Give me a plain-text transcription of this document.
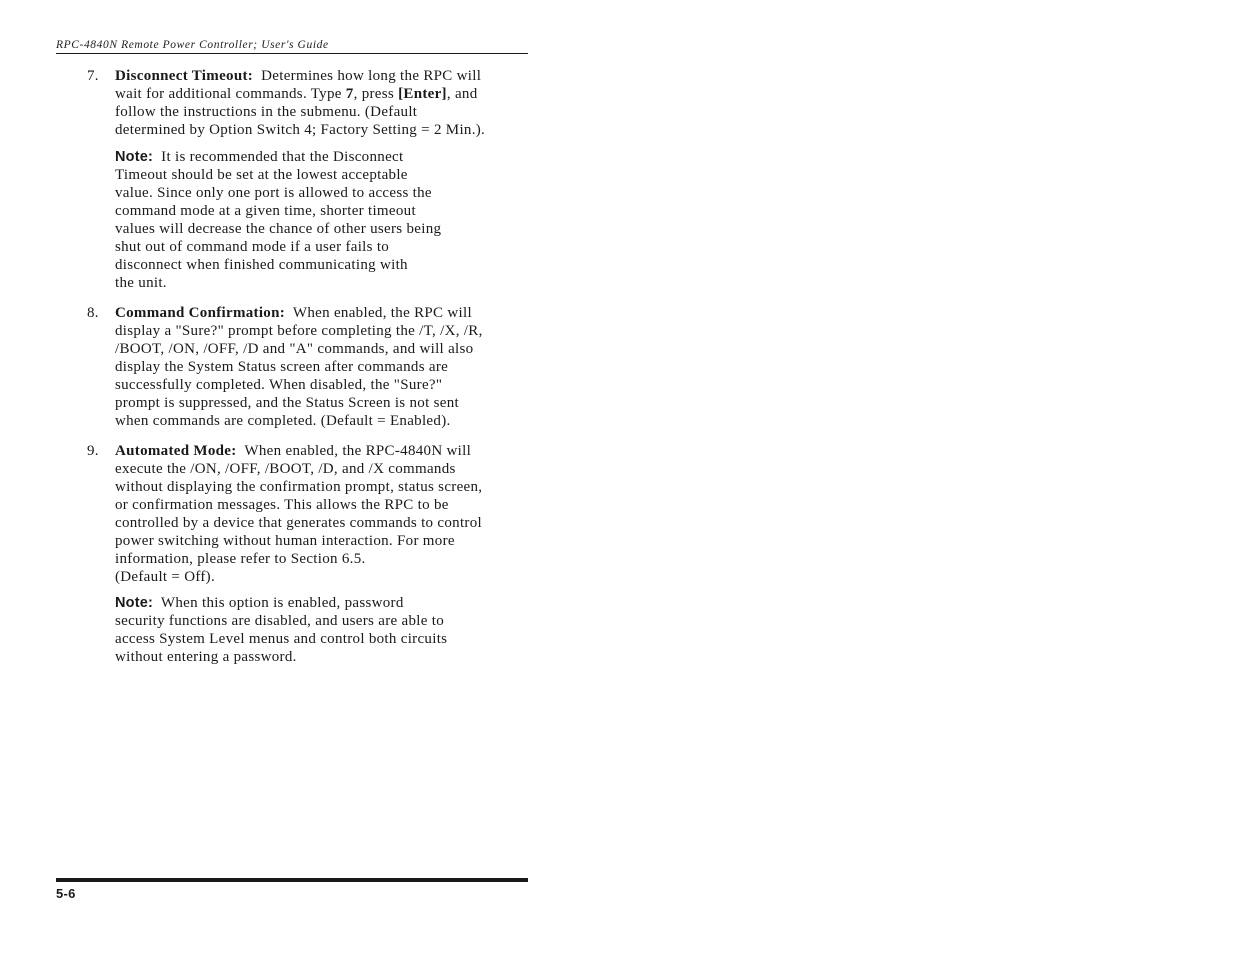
RPC-4840N Remote Power Controller; User's Guide
7. Disconnect Timeout: Determines how long the RPC will
wait for additional commands. Type 7, press [Enter], and
follow the instructions in the submenu. (Default
determined by Option Switch 4; Factory Setting = 2 Min.).
Note: It is recommended that the Disconnect
Timeout should be set at the lowest acceptable
value. Since only one port is allowed to access the
command mode at a given time, shorter timeout
values will decrease the chance of other users being
shut out of command mode if a user fails to
disconnect when finished communicating with
the unit.
8. Command Confirmation: When enabled, the RPC will
display a "Sure?" prompt before completing the /T, /X, /R,
/BOOT, /ON, /OFF, /D and "A" commands, and will also
display the System Status screen after commands are
successfully completed. When disabled, the "Sure?"
prompt is suppressed, and the Status Screen is not sent
when commands are completed. (Default = Enabled).
9. Automated Mode: When enabled, the RPC-4840N will
execute the /ON, /OFF, /BOOT, /D, and /X commands
without displaying the confirmation prompt, status screen,
or confirmation messages. This allows the RPC to be
controlled by a device that generates commands to control
power switching without human interaction. For more
information, please refer to Section 6.5.
(Default = Off).
Note: When this option is enabled, password
security functions are disabled, and users are able to
access System Level menus and control both circuits
without entering a password.
5-6
